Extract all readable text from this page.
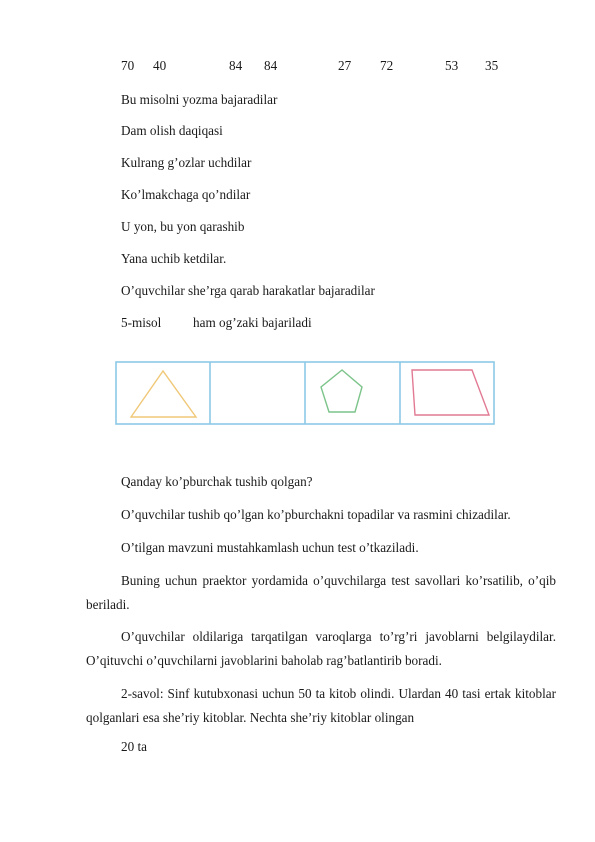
70 40	84 84	27 72	53 35
Bu misolni yozma bajaradilar
Dam olish daqiqasi
Kulrang g’ozlar uchdilar
Ko’lmakchaga qo’ndilar
U yon, bu yon qarashib
Yana uchib ketdilar.
O’quvchilar she’rga qarab harakatlar bajaradilar
5-misol ham og’zaki bajariladi
Qanday ko’pburchak tushib qolgan?
O’quvchilar tushib qo’lgan ko’pburchakni topadilar va rasmini chizadilar.
O’tilgan mavzuni mustahkamlash uchun test o’tkaziladi.
Buning uchun praektor yordamida o’quvchilarga test savollari ko’rsatilib, o’qib beriladi.
O’quvchilar oldilariga tarqatilgan varoqlarga to’rg’ri javoblarni belgilaydilar. O’qituvchi o’quvchilarni javoblarini baholab rag’batlantirib boradi.
2-savol: Sinf kutubxonasi uchun 50 ta kitob olindi. Ulardan 40 tasi ertak kitoblar qolganlari esa she’riy kitoblar. Nechta she’riy kitoblar olingan
20 ta
